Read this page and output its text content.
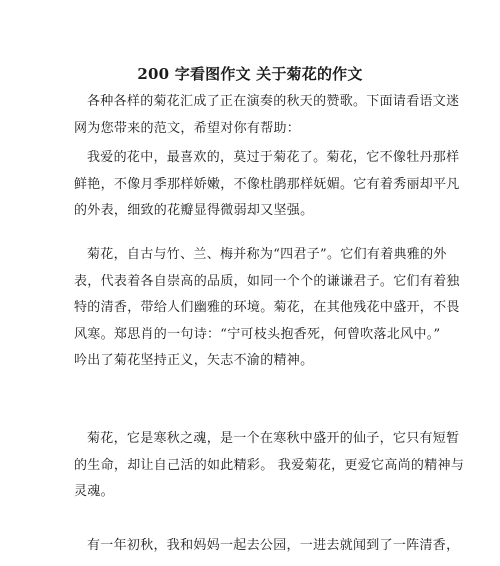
200 字看图作文 关于菊花的作文

各种各样的菊花汇成了正在演奏的秋天的赞歌。下面请看语文迷
网为您带来的范文，希望对你有帮助：

我爱的花中，最喜欢的，莫过于菊花了。菊花，它不像牡丹那样
鲜艳，不像月季那样娇嫩，不像杜鹃那样妩媚。它有着秀丽却平凡
的外表，细致的花瓣显得微弱却又坚强。

菊花，自古与竹、兰、梅并称为“四君子”。它们有着典雅的外
表，代表着各自崇高的品质，如同一个个的谦谦君子。它们有着独
特的清香，带给人们幽雅的环境。菊花，在其他残花中盛开，不畏
风寒。郑思肖的一句诗：“宁可枝头抱香死，何曾吹落北风中。”
吟出了菊花坚持正义，矢志不渝的精神。

菊花，它是寒秋之魂，是一个在寒秋中盛开的仙子，它只有短暂
的生命，却让自己活的如此精彩。 我爱菊花，更爱它高尚的精神与
灵魂。

有一年初秋，我和妈妈一起去公园，一进去就闻到了一阵清香，
